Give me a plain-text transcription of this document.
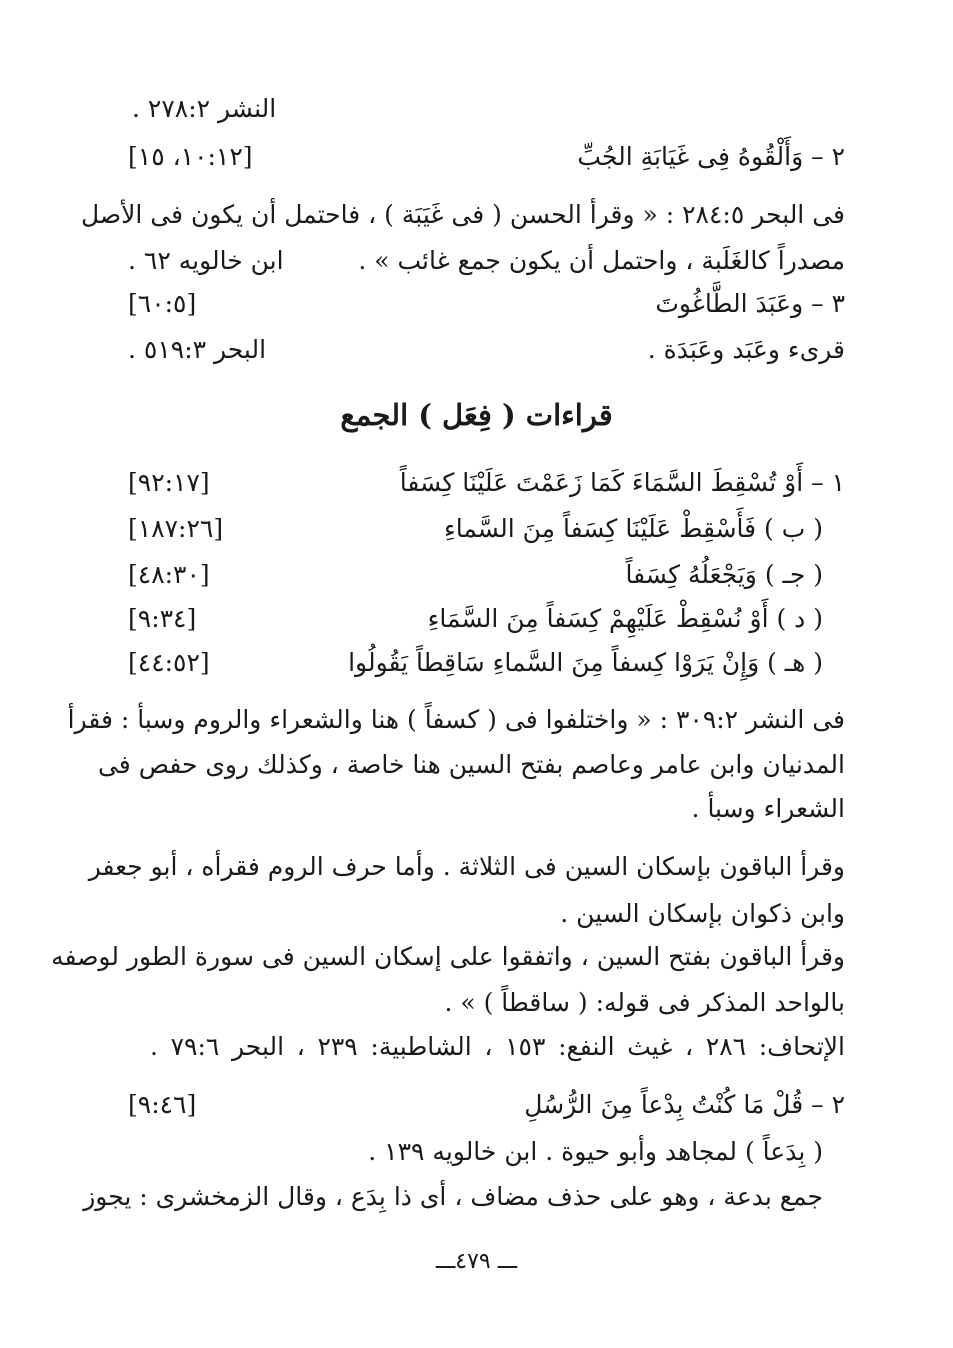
النشر ٢٧٨:٢ .
٢ – وَأَلْقُوهُ فِى غَيَابَةِ الجُبِّ
[١٠:١٢، ١٥]
فى البحر ٢٨٤:٥ : « وقرأ الحسن ( فى غَيَبَة ) ، فاحتمل أن يكون فى الأصل
مصدراً كالغَلَبة ، واحتمل أن يكون جمع غائب » .
ابن خالويه ٦٢ .
٣ – وعَبَدَ الطَّاغُوتَ
[٦٠:٥]
قرىء وعَبَد وعَبَدَة .
البحر ٥١٩:٣ .
قراءات ( فِعَل ) الجمع
١ – أَوْ تُسْقِطَ السَّمَاءَ كَمَا زَعَمْتَ عَلَيْنَا كِسَفاً
[٩٢:١٧]
( ب ) فَأَسْقِطْ عَلَيْنَا كِسَفاً مِنَ السَّماءِ
[١٨٧:٢٦]
( جـ ) وَيَجْعَلُهُ كِسَفاً
[٤٨:٣٠]
( د ) أَوْ نُسْقِطْ عَلَيْهِمْ كِسَفاً مِنَ السَّمَاءِ
[٩:٣٤]
( هـ ) وَإِنْ يَرَوْا كِسفاً مِنَ السَّماءِ سَاقِطاً يَقُولُوا
[٤٤:٥٢]
فى النشر ٣٠٩:٢ : « واختلفوا فى ( كسفاً ) هنا والشعراء والروم وسبأ : فقرأ
المدنيان وابن عامر وعاصم بفتح السين هنا خاصة ، وكذلك روى حفص فى
الشعراء وسبأ .
وقرأ الباقون بإسكان السين فى الثلاثة . وأما حرف الروم فقرأه ، أبو جعفر
وابن ذكوان بإسكان السين .
وقرأ الباقون بفتح السين ، واتفقوا على إسكان السين فى سورة الطور لوصفه
بالواحد المذكر فى قوله: ( ساقطاً ) » .
الإتحاف: ٢٨٦ ، غيث النفع: ١٥٣ ، الشاطبية: ٢٣٩ ، البحر ٧٩:٦ .
٢ – قُلْ مَا كُنْتُ بِدْعاً مِنَ الرُّسُلِ
[٩:٤٦]
( بِدَعاً ) لمجاهد وأبو حيوة . ابن خالويه ١٣٩ .
جمع بدعة ، وهو على حذف مضاف ، أى ذا بِدَع ، وقال الزمخشرى : يجوز
ـــ ٤٧٩ـــ
